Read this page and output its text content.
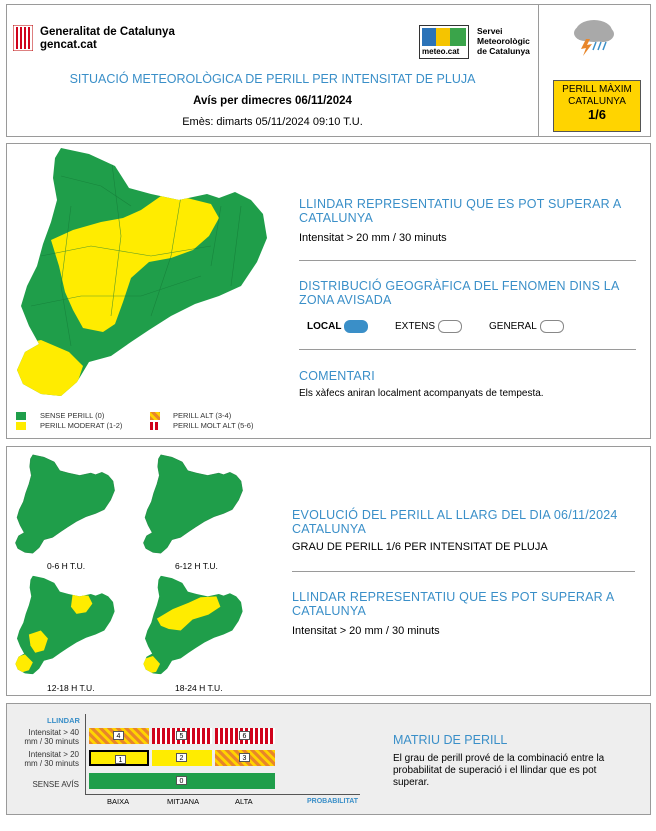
Generalitat de Catalunya
gencat.cat
meteo.cat
Servei
Meteorològic
de Catalunya
PERILL MÀXIM
CATALUNYA
1/6
SITUACIÓ METEOROLÒGICA DE PERILL PER INTENSITAT DE PLUJA
Avís per dimecres 06/11/2024
Emès: dimarts 05/11/2024 09:10 T.U.
SENSE PERILL (0)
PERILL MODERAT (1-2)
PERILL ALT (3-4)
PERILL MOLT ALT (5-6)
LLINDAR REPRESENTATIU QUE ES POT SUPERAR A CATALUNYA
Intensitat > 20 mm / 30 minuts
DISTRIBUCIÓ GEOGRÀFICA DEL FENOMEN DINS LA ZONA AVISADA
LOCAL	EXTENS	GENERAL
COMENTARI
Els xàfecs aniran localment acompanyats de tempesta.
0-6 H T.U.	6-12 H T.U.
12-18 H T.U.	18-24 H T.U.
EVOLUCIÓ DEL PERILL AL LLARG DEL DIA 06/11/2024 CATALUNYA
GRAU DE PERILL 1/6 PER INTENSITAT DE PLUJA
LLINDAR REPRESENTATIU QUE ES POT SUPERAR A CATALUNYA
Intensitat > 20 mm / 30 minuts
LLINDAR
Intensitat > 40
mm / 30 minuts
Intensitat > 20
mm / 30 minuts
SENSE AVÍS
4	5	6
1	2	3
0
BAIXA	MITJANA	ALTA	PROBABILITAT
MATRIU DE PERILL
El grau de perill prové de la combinació entre la probabilitat de superació i el llindar que es pot superar.
